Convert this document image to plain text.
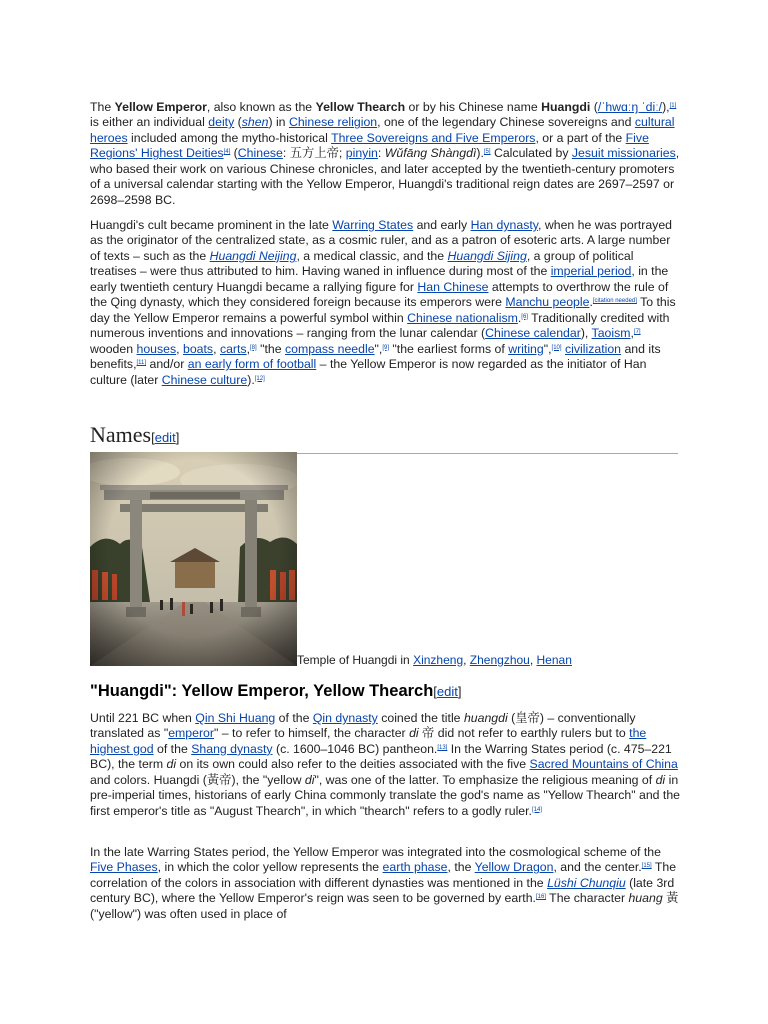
The Yellow Emperor, also known as the Yellow Thearch or by his Chinese name Huangdi (/ˈhwɑːŋ ˈdiː/),[1] is either an individual deity (shen) in Chinese religion, one of the legendary Chinese sovereigns and cultural heroes included among the mytho-historical Three Sovereigns and Five Emperors, or a part of the Five Regions' Highest Deities[4] (Chinese: 五方上帝; pinyin: Wǔfāng Shàngdì).[5] Calculated by Jesuit missionaries, who based their work on various Chinese chronicles, and later accepted by the twentieth-century promoters of a universal calendar starting with the Yellow Emperor, Huangdi's traditional reign dates are 2697–2597 or 2698–2598 BC.

Huangdi's cult became prominent in the late Warring States and early Han dynasty, when he was portrayed as the originator of the centralized state, as a cosmic ruler, and as a patron of esoteric arts. A large number of texts – such as the Huangdi Neijing, a medical classic, and the Huangdi Sijing, a group of political treatises – were thus attributed to him. Having waned in influence during most of the imperial period, in the early twentieth century Huangdi became a rallying figure for Han Chinese attempts to overthrow the rule of the Qing dynasty, which they considered foreign because its emperors were Manchu people.[citation needed] To this day the Yellow Emperor remains a powerful symbol within Chinese nationalism.[6] Traditionally credited with numerous inventions and innovations – ranging from the lunar calendar (Chinese calendar), Taoism,[7] wooden houses, boats, carts,[8] "the compass needle",[9] "the earliest forms of writing",[10] civilization and its benefits,[11] and/or an early form of football – the Yellow Emperor is now regarded as the initiator of Han culture (later Chinese culture).[12]

Names[edit]
Temple of Huangdi in Xinzheng, Zhengzhou, Henan
"Huangdi": Yellow Emperor, Yellow Thearch[edit]

Until 221 BC when Qin Shi Huang of the Qin dynasty coined the title huangdi (皇帝) – conventionally translated as "emperor" – to refer to himself, the character di 帝 did not refer to earthly rulers but to the highest god of the Shang dynasty (c. 1600–1046 BC) pantheon.[13] In the Warring States period (c. 475–221 BC), the term di on its own could also refer to the deities associated with the five Sacred Mountains of China and colors. Huangdi (黃帝), the "yellow di", was one of the latter. To emphasize the religious meaning of di in pre-imperial times, historians of early China commonly translate the god's name as "Yellow Thearch" and the first emperor's title as "August Thearch", in which "thearch" refers to a godly ruler.[14]

In the late Warring States period, the Yellow Emperor was integrated into the cosmological scheme of the Five Phases, in which the color yellow represents the earth phase, the Yellow Dragon, and the center.[15] The correlation of the colors in association with different dynasties was mentioned in the Lüshi Chunqiu (late 3rd century BC), where the Yellow Emperor's reign was seen to be governed by earth.[16] The character huang 黃 ("yellow") was often used in place of
